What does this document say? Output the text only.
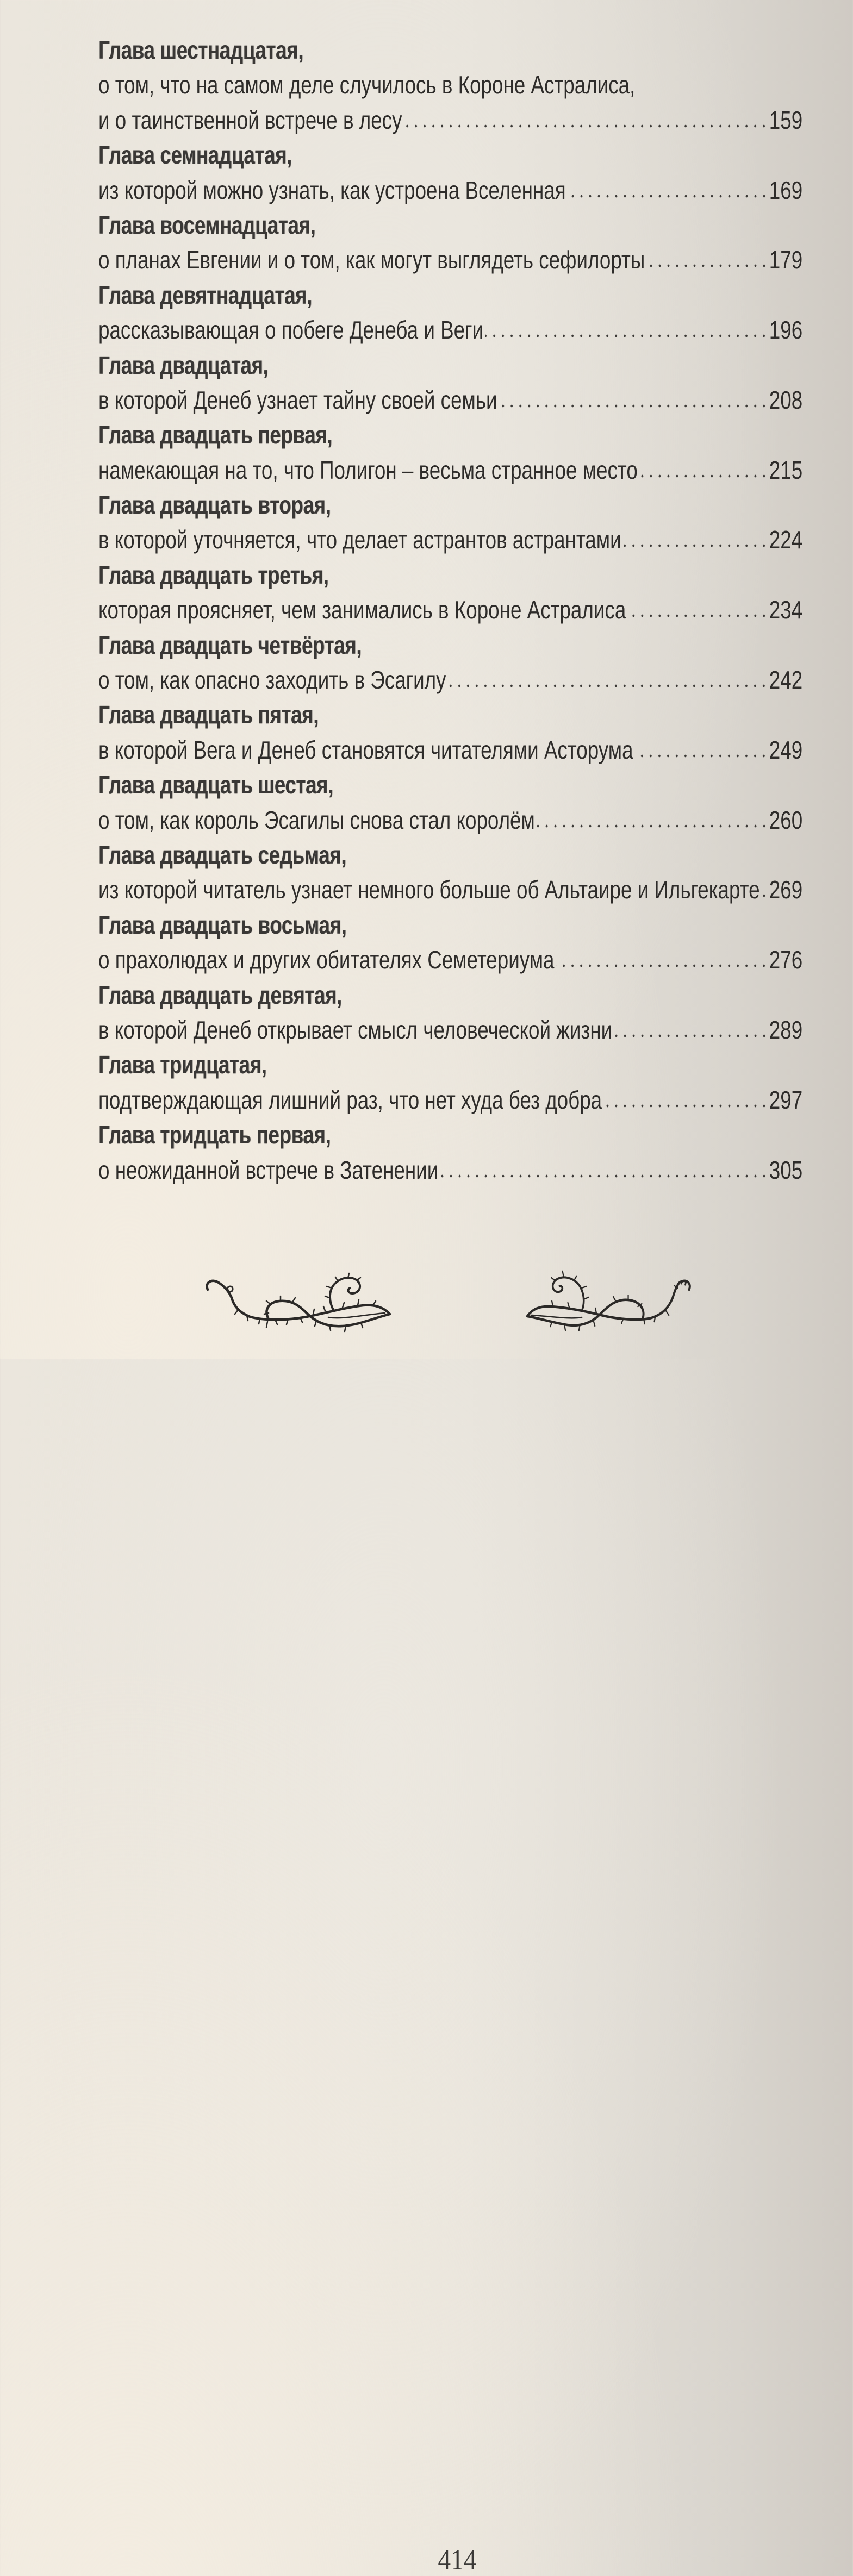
Глава шестнадцатая,
о том, что на самом деле случилось в Короне Астралиса,
и о таинственной встрече в лесу	159
Глава семнадцатая,
из которой можно узнать, как устроена Вселенная	169
Глава восемнадцатая,
о планах Евгении и о том, как могут выглядеть сефилорты	179
Глава девятнадцатая,
рассказывающая о побеге Денеба и Веги	196
Глава двадцатая,
в которой Денеб узнает тайну своей семьи	208
Глава двадцать первая,
намекающая на то, что Полигон – весьма странное место	215
Глава двадцать вторая,
в которой уточняется, что делает астрантов астрантами	224
Глава двадцать третья,
которая проясняет, чем занимались в Короне Астралиса	234
Глава двадцать четвёртая,
о том, как опасно заходить в Эсагилу	242
Глава двадцать пятая,
в которой Вега и Денеб становятся читателями Асторума	249
Глава двадцать шестая,
о том, как король Эсагилы снова стал королём	260
Глава двадцать седьмая,
из которой читатель узнает немного больше об Альтаире и Ильгекарте 269
Глава двадцать восьмая,
о прахолюдах и других обитателях Семетериума	276
Глава двадцать девятая,
в которой Денеб открывает смысл человеческой жизни	289
Глава тридцатая,
подтверждающая лишний раз, что нет худа без добра	297
Глава тридцать первая,
о неожиданной встрече в Затенении	305
414
